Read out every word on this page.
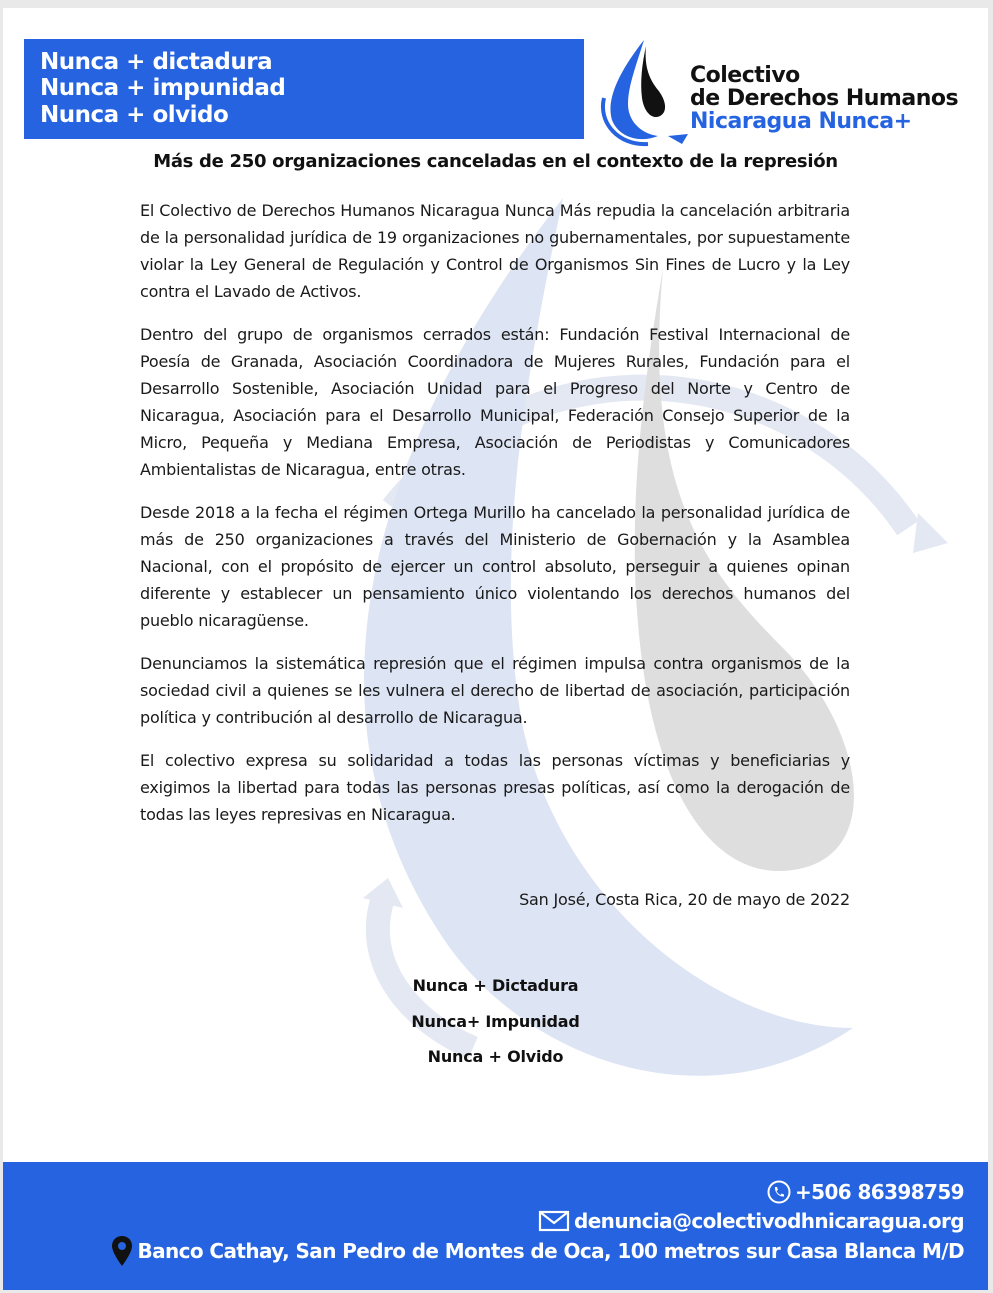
Nunca + dictadura
Nunca + impunidad
Nunca + olvido
Colectivo
de Derechos Humanos
Nicaragua Nunca+
Más de 250 organizaciones canceladas en el contexto de la represión

El Colectivo de Derechos Humanos Nicaragua Nunca Más repudia la cancelación arbitraria de la personalidad jurídica de 19 organizaciones no gubernamentales, por supuestamente violar la Ley General de Regulación y Control de Organismos Sin Fines de Lucro y la Ley contra el Lavado de Activos.

Dentro del grupo de organismos cerrados están: Fundación Festival Internacional de Poesía de Granada, Asociación Coordinadora de Mujeres Rurales, Fundación para el Desarrollo Sostenible, Asociación Unidad para el Progreso del Norte y Centro de Nicaragua, Asociación para el Desarrollo Municipal, Federación Consejo Superior de la Micro, Pequeña y Mediana Empresa, Asociación de Periodistas y Comunicadores Ambientalistas de Nicaragua, entre otras.

Desde 2018 a la fecha el régimen Ortega Murillo ha cancelado la personalidad jurídica de más de 250 organizaciones a través del Ministerio de Gobernación y la Asamblea Nacional, con el propósito de ejercer un control absoluto, perseguir a quienes opinan diferente y establecer un pensamiento único violentando los derechos humanos del pueblo nicaragüense.

Denunciamos la sistemática represión que el régimen impulsa contra organismos de la sociedad civil a quienes se les vulnera el derecho de libertad de asociación, participación política y contribución al desarrollo de Nicaragua.

El colectivo expresa su solidaridad a todas las personas víctimas y beneficiarias y exigimos la libertad para todas las personas presas políticas, así como la derogación de todas las leyes represivas en Nicaragua.

San José, Costa Rica, 20 de mayo de 2022
Nunca + Dictadura
Nunca+ Impunidad
Nunca + Olvido
+506 86398759
denuncia@colectivodhnicaragua.org
Banco Cathay, San Pedro de Montes de Oca, 100 metros sur Casa Blanca M/D
